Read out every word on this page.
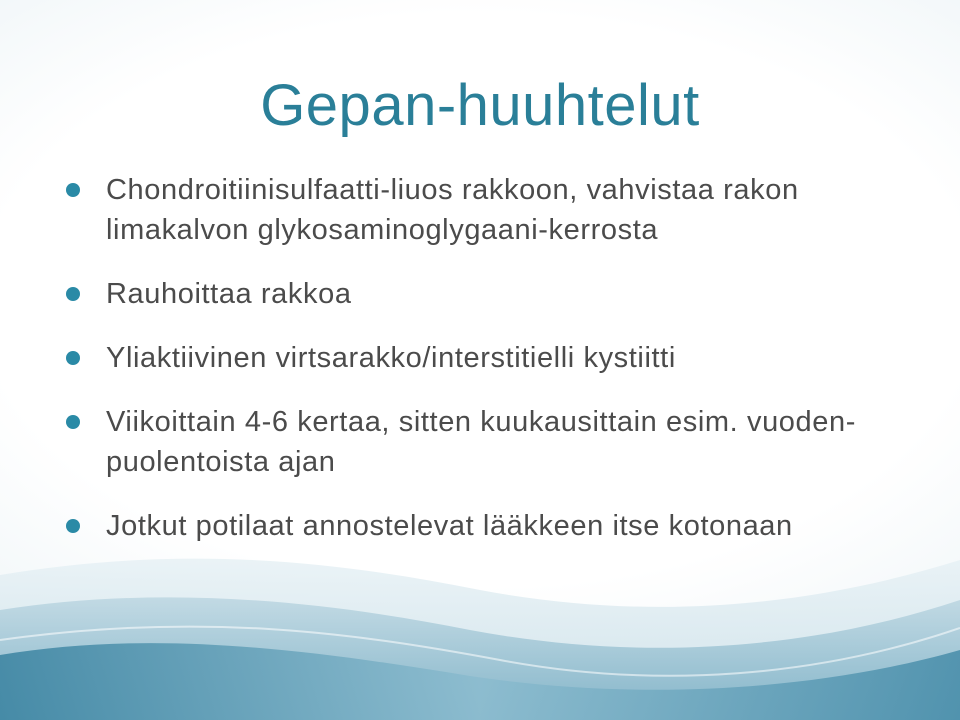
Gepan-huuhtelut
Chondroitiinisulfaatti-liuos rakkoon, vahvistaa rakon limakalvon glykosaminoglygaani-kerrosta
Rauhoittaa rakkoa
Yliaktiivinen virtsarakko/interstitielli kystiitti
Viikoittain 4-6 kertaa, sitten kuukausittain esim. vuoden-puolentoista ajan
Jotkut potilaat annostelevat lääkkeen itse kotonaan
